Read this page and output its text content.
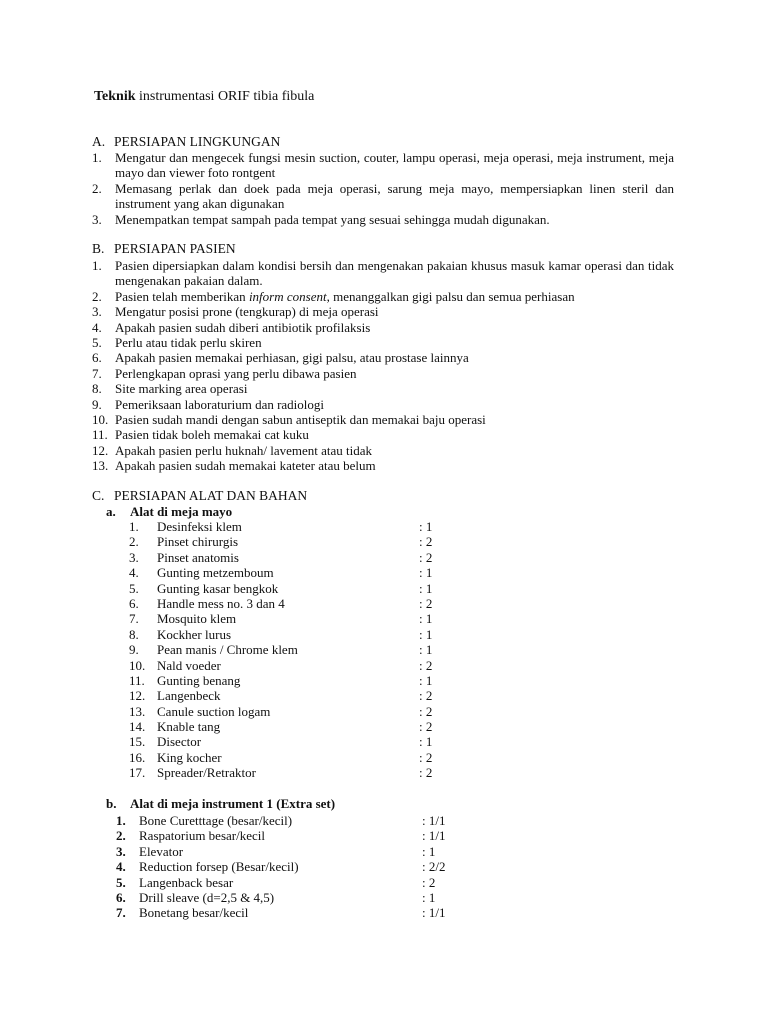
Teknik instrumentasi ORIF tibia fibula
A. PERSIAPAN LINGKUNGAN
1. Mengatur dan mengecek fungsi mesin suction, couter, lampu operasi, meja operasi, meja instrument, meja mayo dan viewer foto rontgent
2. Memasang perlak dan doek pada meja operasi, sarung meja mayo, mempersiapkan linen steril dan instrument yang akan digunakan
3. Menempatkan tempat sampah pada tempat yang sesuai sehingga mudah digunakan.
B. PERSIAPAN PASIEN
1. Pasien dipersiapkan dalam kondisi bersih dan mengenakan pakaian khusus masuk kamar operasi dan tidak mengenakan pakaian dalam.
2. Pasien telah memberikan inform consent, menanggalkan gigi palsu dan semua perhiasan
3. Mengatur posisi prone (tengkurap) di meja operasi
4. Apakah pasien sudah diberi antibiotik profilaksis
5. Perlu atau tidak perlu skiren
6. Apakah pasien memakai perhiasan, gigi palsu, atau prostase lainnya
7. Perlengkapan oprasi yang perlu dibawa pasien
8. Site marking area operasi
9. Pemeriksaan laboraturium dan radiologi
10. Pasien sudah mandi dengan sabun antiseptik dan memakai baju operasi
11. Pasien tidak boleh memakai cat kuku
12. Apakah pasien perlu huknah/ lavement atau tidak
13. Apakah pasien sudah memakai kateter atau belum
C. PERSIAPAN ALAT DAN BAHAN
a. Alat di meja mayo
1. Desinfeksi klem	: 1
2. Pinset chirurgis	: 2
3. Pinset anatomis	: 2
4. Gunting metzemboum	: 1
5. Gunting kasar bengkok	: 1
6. Handle mess no. 3 dan 4	: 2
7. Mosquito klem	: 1
8. Kockher lurus	: 1
9. Pean manis / Chrome klem	: 1
10. Nald voeder	: 2
11. Gunting benang	: 1
12. Langenbeck	: 2
13. Canule suction logam	: 2
14. Knable tang	: 2
15. Disector	: 1
16. King kocher	: 2
17. Spreader/Retraktor	: 2
b. Alat di meja instrument 1 (Extra set)
1. Bone Curetttage (besar/kecil)	: 1/1
2. Raspatorium besar/kecil	: 1/1
3. Elevator	: 1
4. Reduction forsep (Besar/kecil)	: 2/2
5. Langenback besar	: 2
6. Drill sleave (d=2,5 & 4,5)	: 1
7. Bonetang besar/kecil	: 1/1
